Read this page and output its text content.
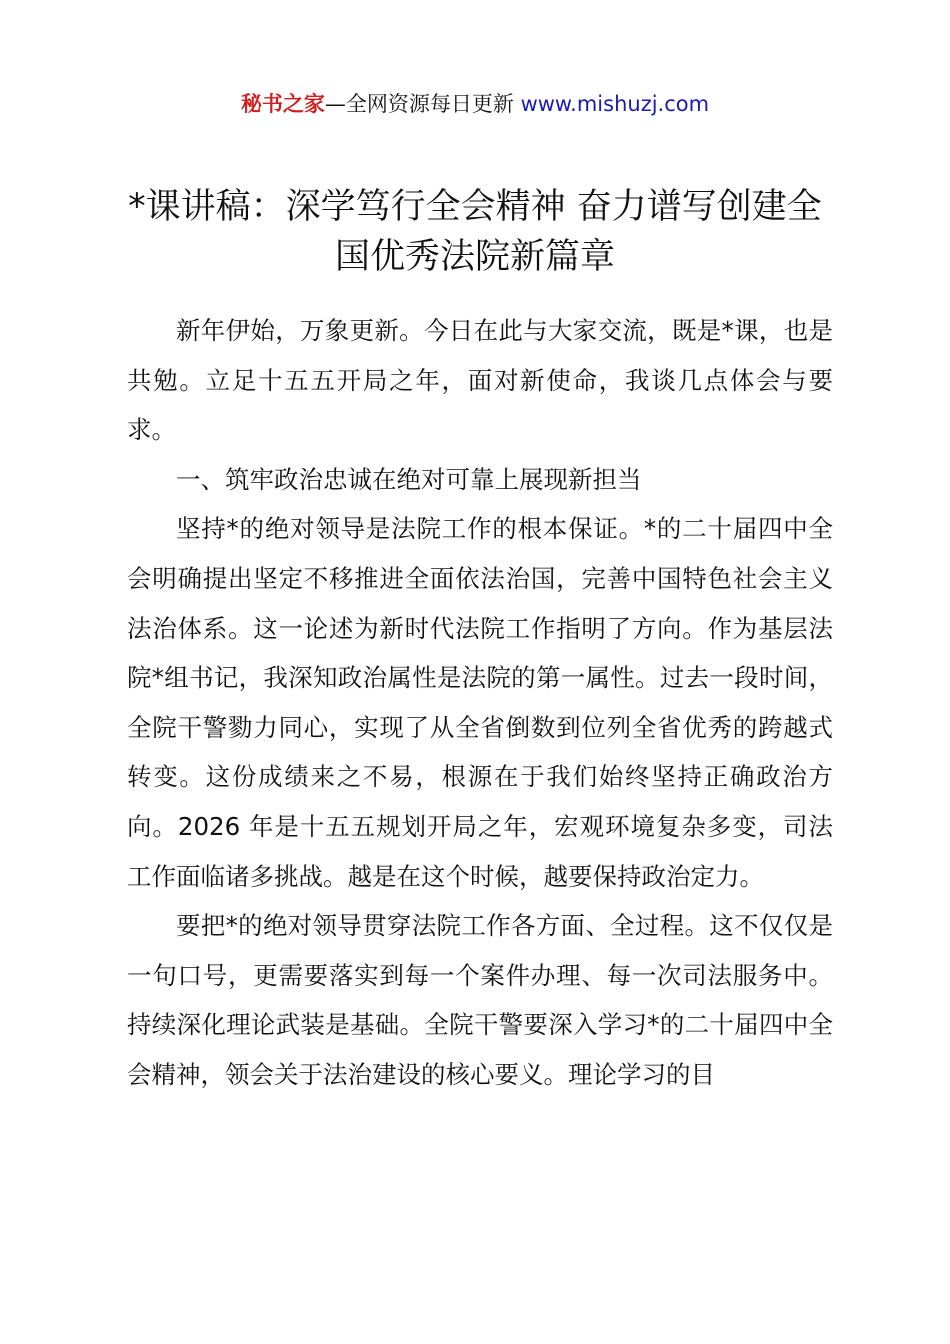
秘书之家—全网资源每日更新 www.mishuzj.com
*课讲稿：深学笃行全会精神 奋力谱写创建全
国优秀法院新篇章

新年伊始，万象更新。今日在此与大家交流，既是*课，也是共勉。立足十五五开局之年，面对新使命，我谈几点体会与要求。

一、筑牢政治忠诚在绝对可靠上展现新担当

坚持*的绝对领导是法院工作的根本保证。*的二十届四中全会明确提出坚定不移推进全面依法治国，完善中国特色社会主义法治体系。这一论述为新时代法院工作指明了方向。作为基层法院*组书记，我深知政治属性是法院的第一属性。过去一段时间，全院干警勠力同心，实现了从全省倒数到位列全省优秀的跨越式转变。这份成绩来之不易，根源在于我们始终坚持正确政治方向。2026 年是十五五规划开局之年，宏观环境复杂多变，司法工作面临诸多挑战。越是在这个时候，越要保持政治定力。

要把*的绝对领导贯穿法院工作各方面、全过程。这不仅仅是一句口号，更需要落实到每一个案件办理、每一次司法服务中。持续深化理论武装是基础。全院干警要深入学习*的二十届四中全会精神，领会关于法治建设的核心要义。理论学习的目
